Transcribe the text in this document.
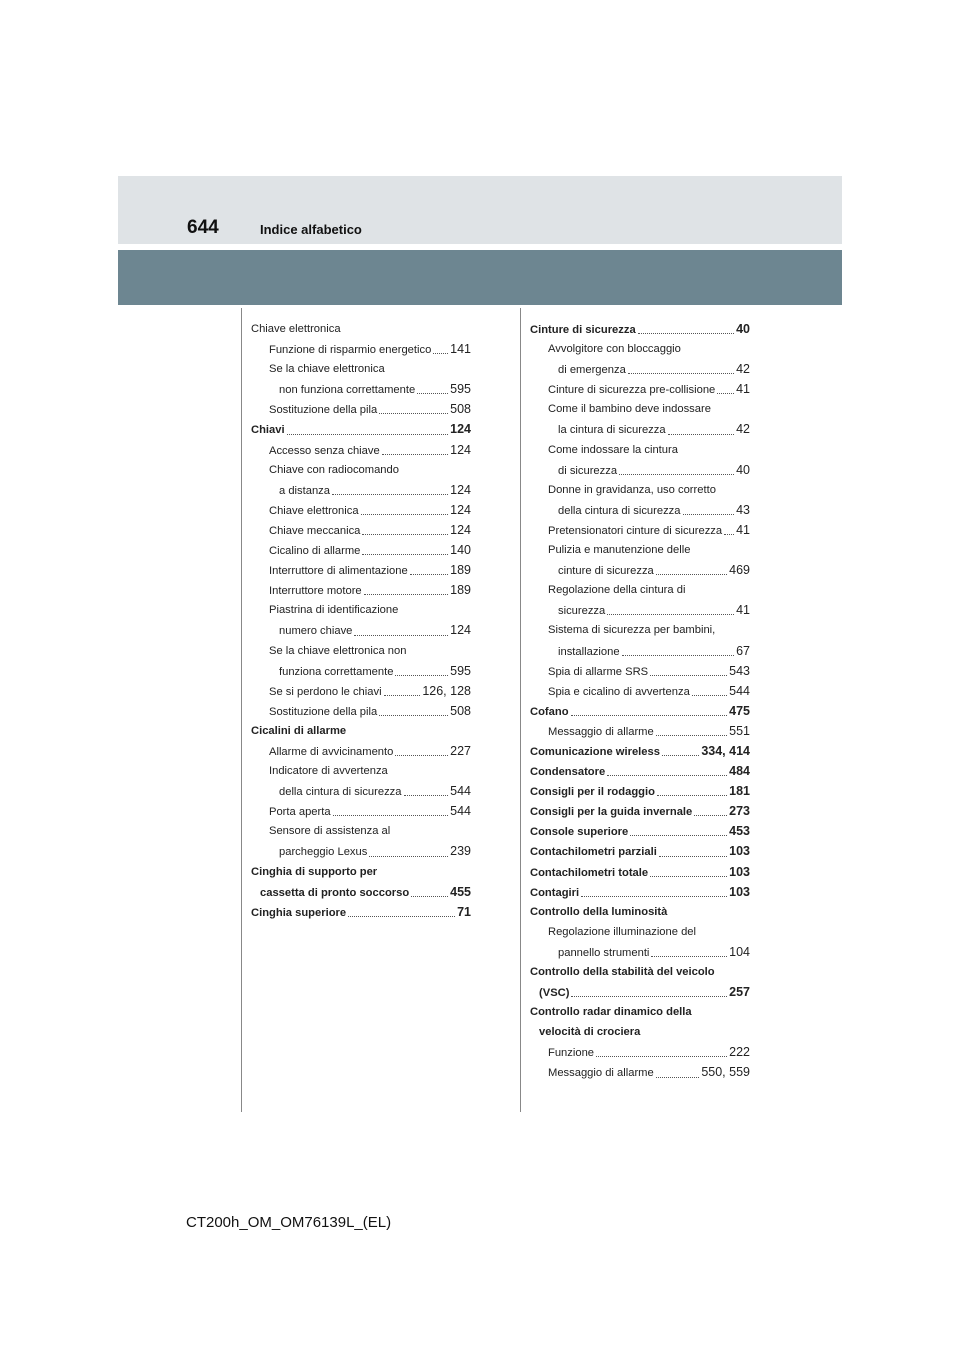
644	Indice alfabetico
Chiave elettronica
Funzione di risparmio energetico 141
Se la chiave elettronica
non funziona correttamente	595
Sostituzione della pila	508
Chiavi	124
Accesso senza chiave	124
Chiave con radiocomando
a distanza	124
Chiave elettronica	124
Chiave meccanica	124
Cicalino di allarme	140
Interruttore di alimentazione	189
Interruttore motore	189
Piastrina di identificazione
numero chiave	124
Se la chiave elettronica non
funziona correttamente	595
Se si perdono le chiavi	126, 128
Sostituzione della pila	508
Cicalini di allarme
Allarme di avvicinamento	227
Indicatore di avvertenza
della cintura di sicurezza	544
Porta aperta	544
Sensore di assistenza al
parcheggio Lexus	239
Cinghia di supporto per
cassetta di pronto soccorso	455
Cinghia superiore	71
Cinture di sicurezza	40
Avvolgitore con bloccaggio
di emergenza	42
Cinture di sicurezza pre-collisione 41
Come il bambino deve indossare
la cintura di sicurezza	42
Come indossare la cintura
di sicurezza	40
Donne in gravidanza, uso corretto
della cintura di sicurezza	43
Pretensionatori cinture di sicurezza 41
Pulizia e manutenzione delle
cinture di sicurezza	469
Regolazione della cintura di
sicurezza	41
Sistema di sicurezza per bambini,
installazione	67
Spia di allarme SRS	543
Spia e cicalino di avvertenza	544
Cofano	475
Messaggio di allarme	551
Comunicazione wireless	334, 414
Condensatore	484
Consigli per il rodaggio	181
Consigli per la guida invernale	273
Console superiore	453
Contachilometri parziali	103
Contachilometri totale	103
Contagiri	103
Controllo della luminosità
Regolazione illuminazione del
pannello strumenti	104
Controllo della stabilità del veicolo
(VSC)	257
Controllo radar dinamico della
velocità di crociera
Funzione	222
Messaggio di allarme	550, 559
CT200h_OM_OM76139L_(EL)
